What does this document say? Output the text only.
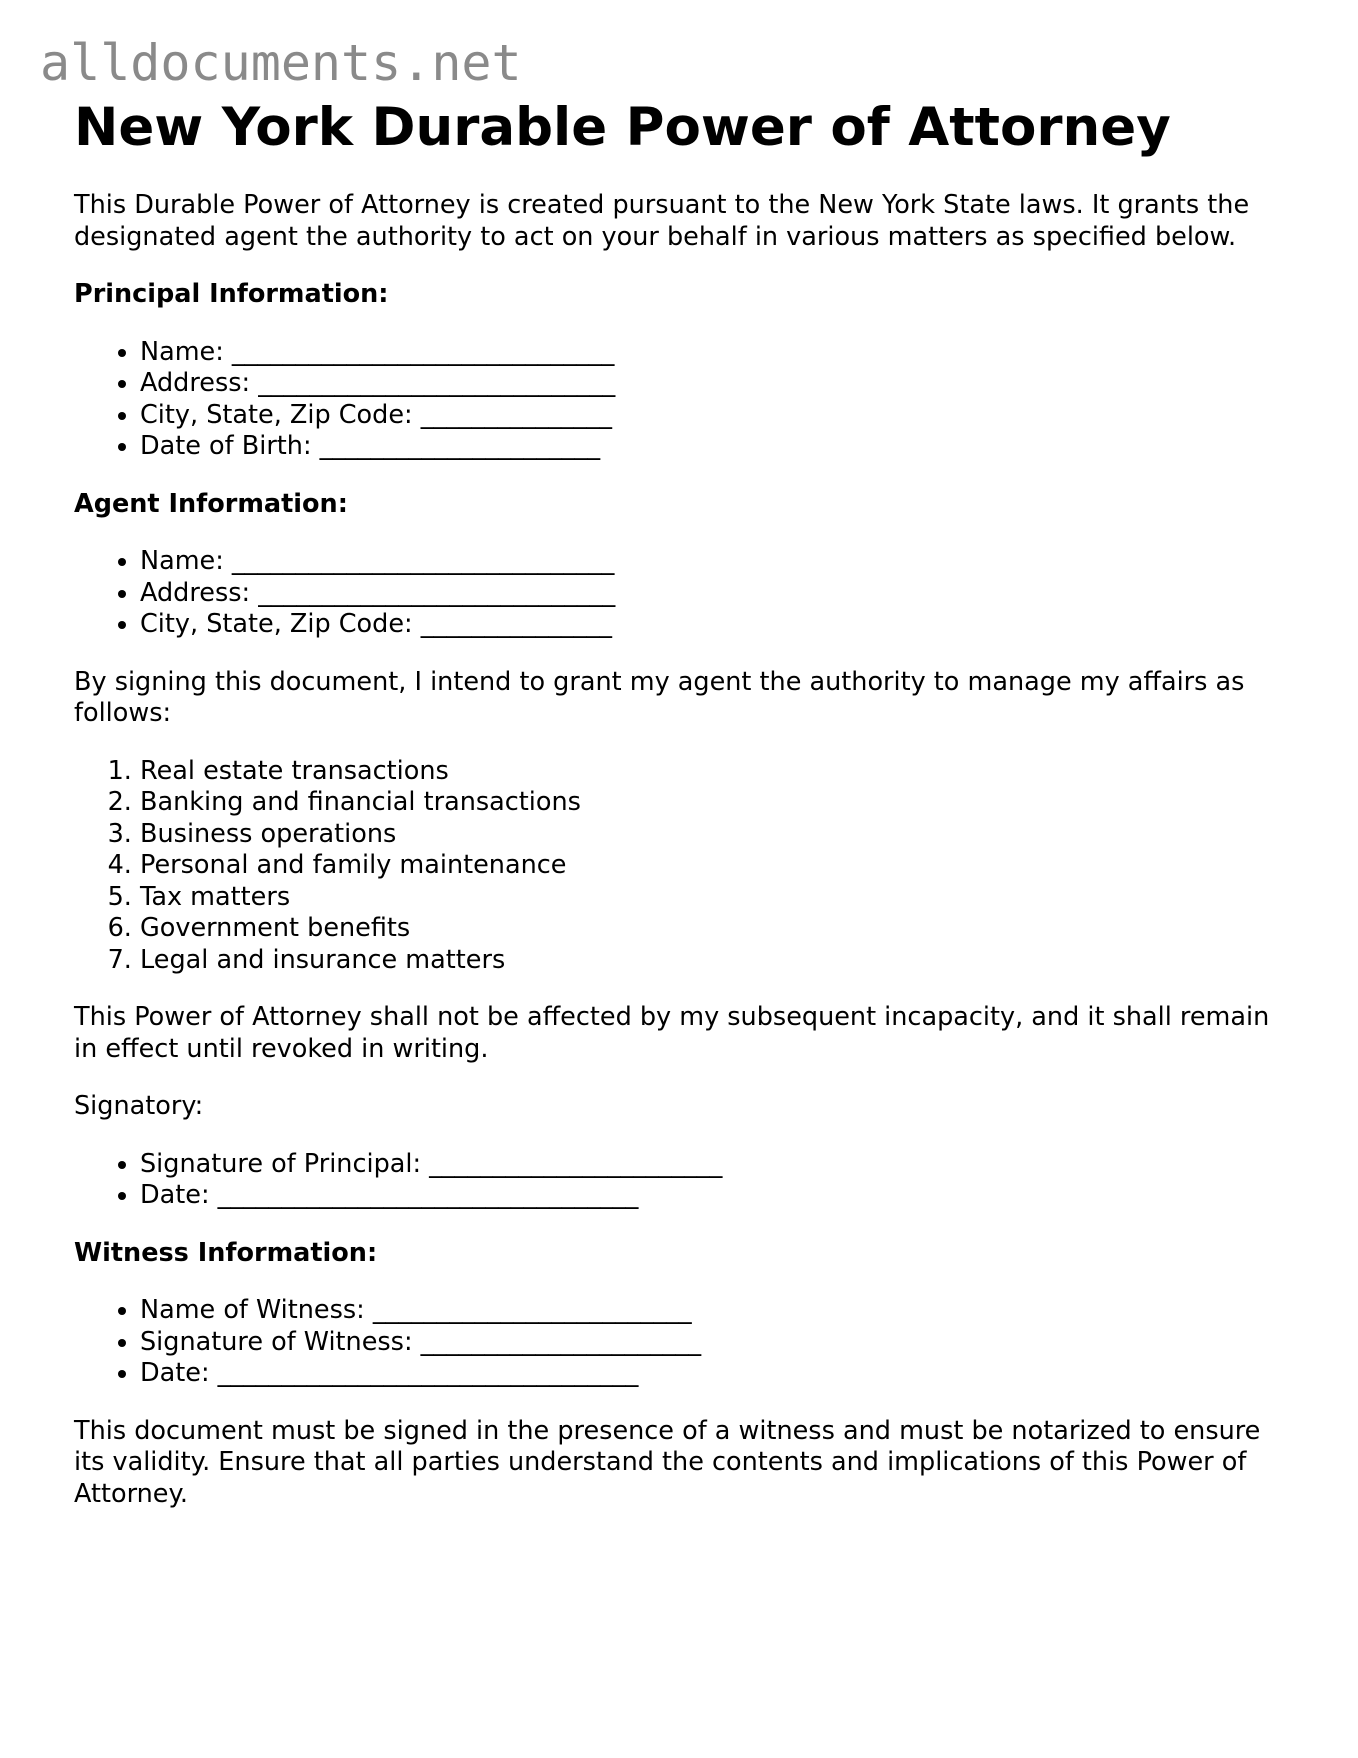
alldocuments.net
New York Durable Power of Attorney

This Durable Power of Attorney is created pursuant to the New York State laws. It grants the designated agent the authority to act on your behalf in various matters as specified below.

Principal Information:

• Name: ______________________________
• Address: ____________________________
• City, State, Zip Code: _______________
• Date of Birth: ______________________

Agent Information:

• Name: ______________________________
• Address: ____________________________
• City, State, Zip Code: _______________

By signing this document, I intend to grant my agent the authority to manage my affairs as follows:

1. Real estate transactions
2. Banking and financial transactions
3. Business operations
4. Personal and family maintenance
5. Tax matters
6. Government benefits
7. Legal and insurance matters

This Power of Attorney shall not be affected by my subsequent incapacity, and it shall remain in effect until revoked in writing.

Signatory:

• Signature of Principal: _______________________
• Date: _________________________________

Witness Information:

• Name of Witness: _________________________
• Signature of Witness: ______________________
• Date: _________________________________

This document must be signed in the presence of a witness and must be notarized to ensure its validity. Ensure that all parties understand the contents and implications of this Power of Attorney.
